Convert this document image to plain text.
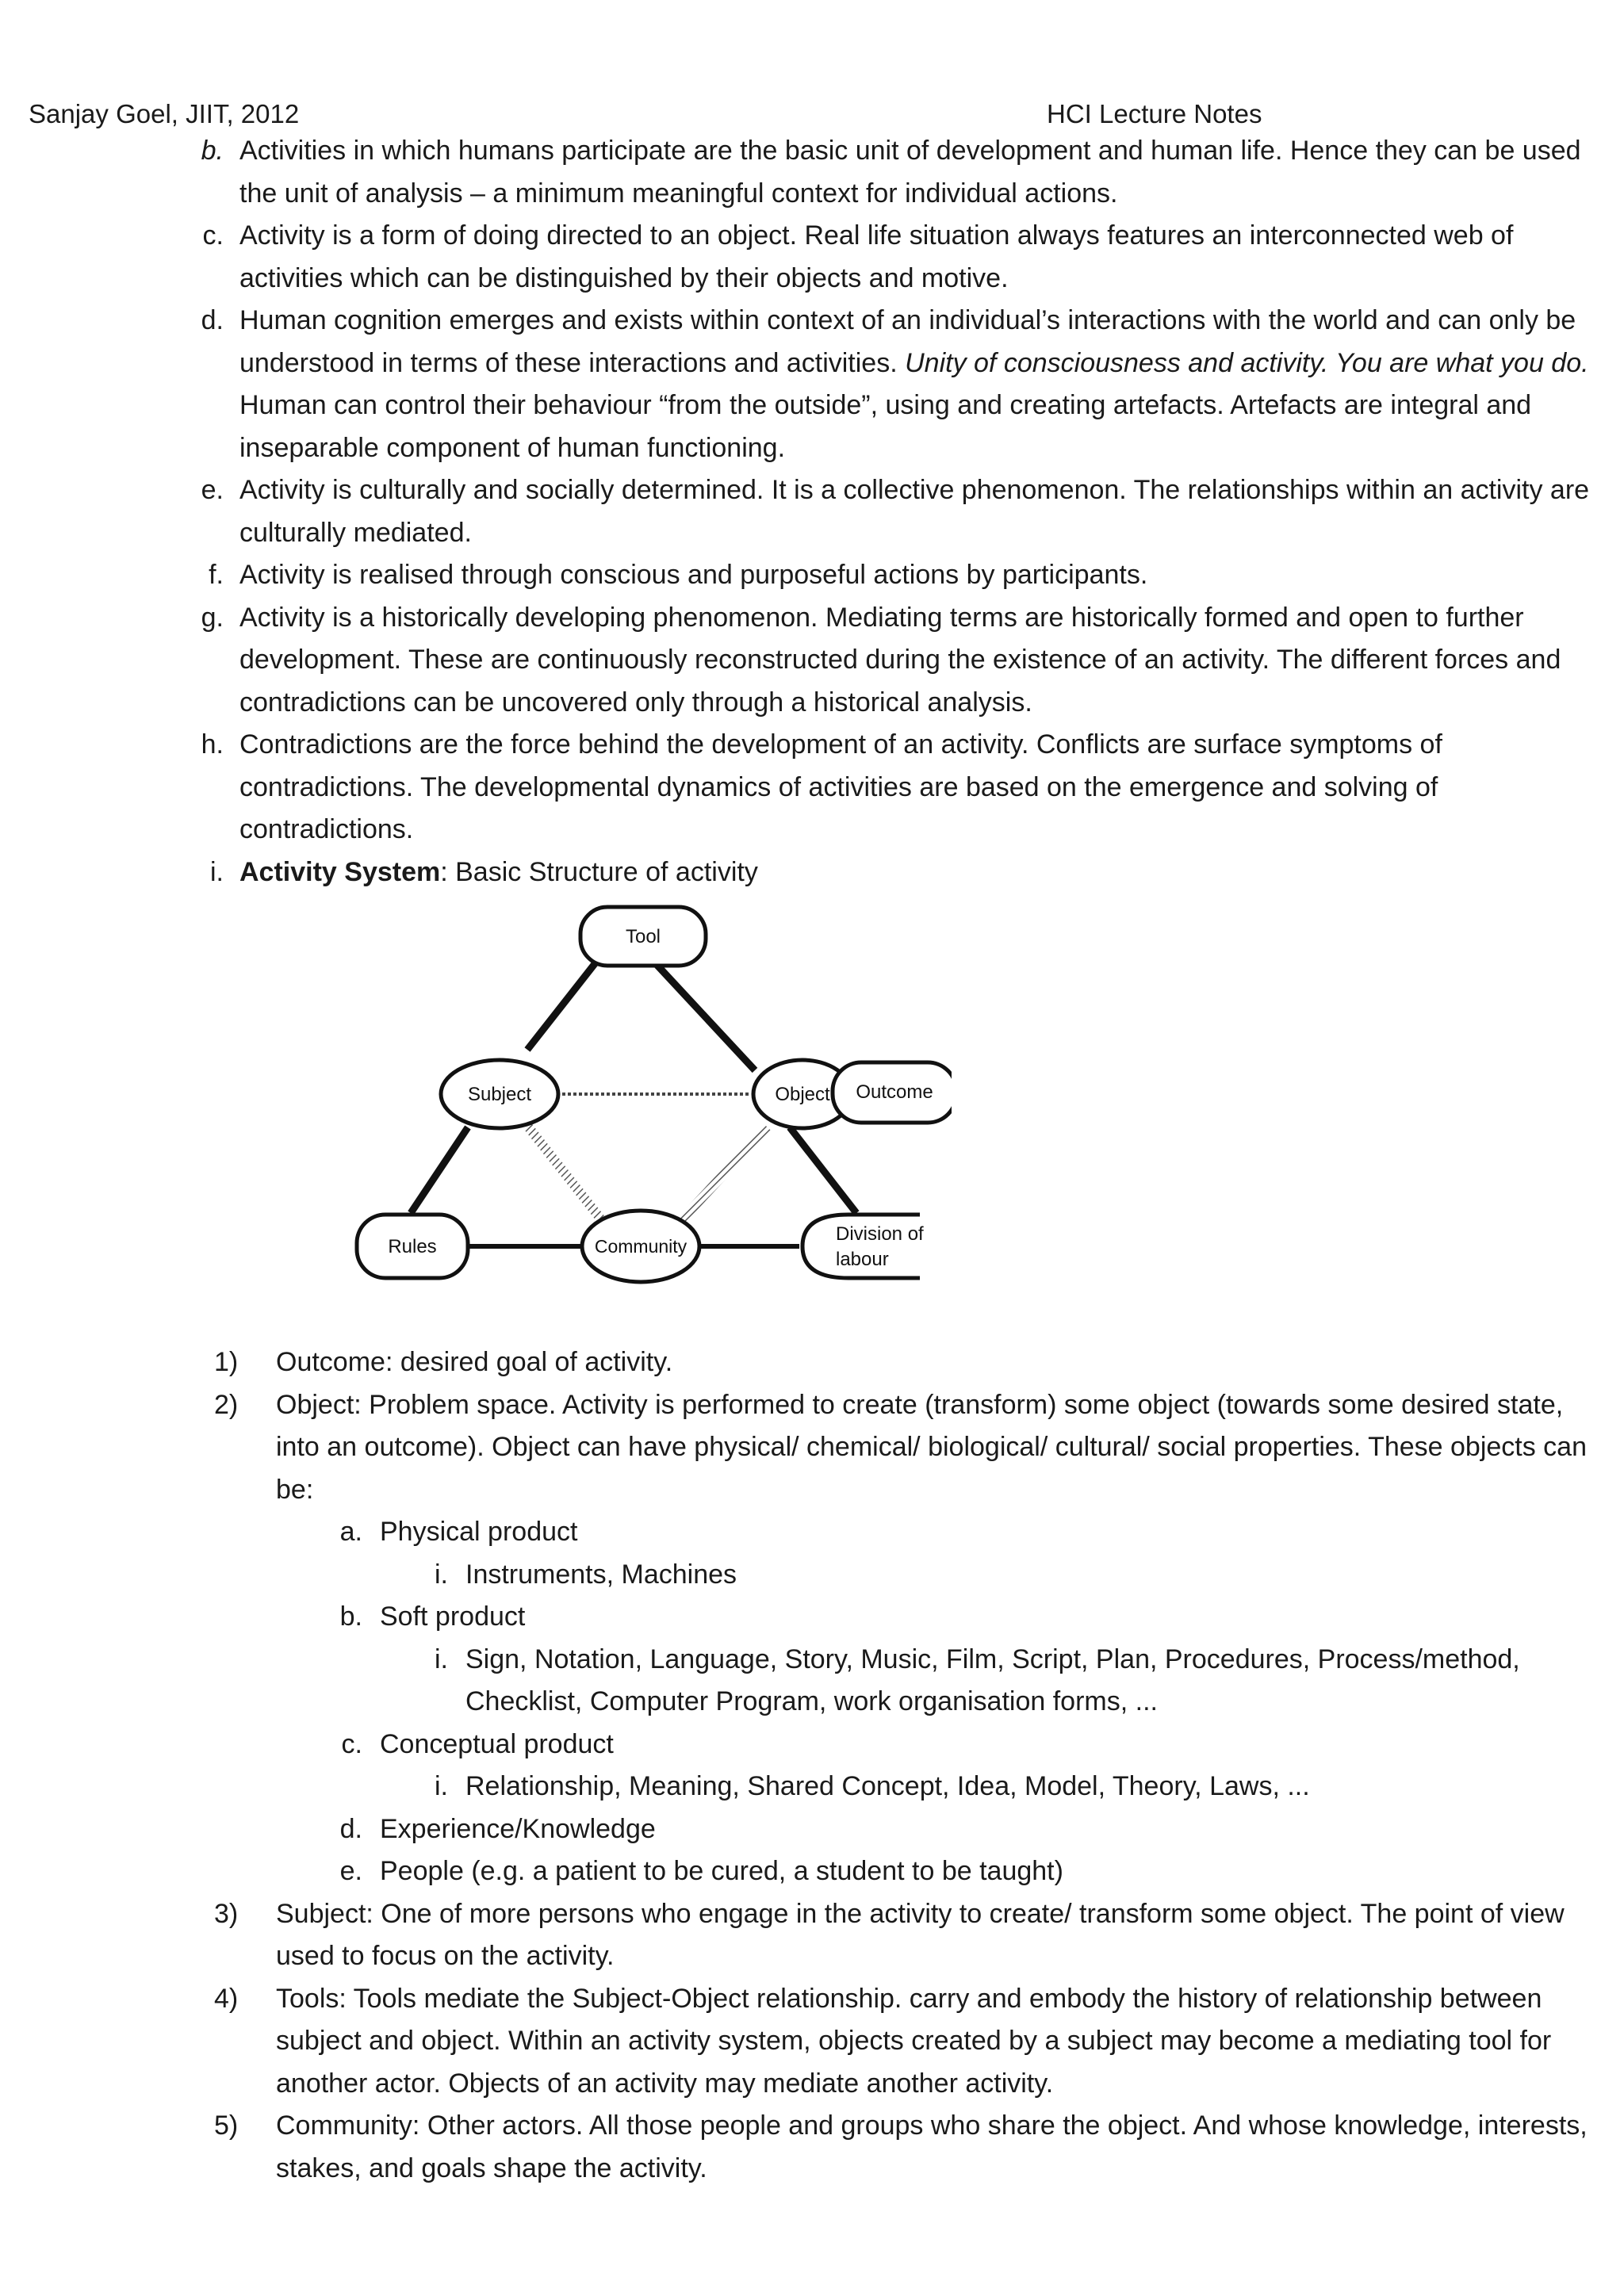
Sanjay Goel, JIIT, 2012	HCI Lecture Notes
b. Activities in which humans participate are the basic unit of development and human life. Hence they can be used the unit of analysis – a minimum meaningful context for individual actions.
c. Activity is a form of doing directed to an object. Real life situation always features an interconnected web of activities which can be distinguished by their objects and motive.
d. Human cognition emerges and exists within context of an individual’s interactions with the world and can only be understood in terms of these interactions and activities. Unity of consciousness and activity. You are what you do. Human can control their behaviour “from the outside”, using and creating artefacts. Artefacts are integral and inseparable component of human functioning.
e. Activity is culturally and socially determined. It is a collective phenomenon. The relationships within an activity are culturally mediated.
f. Activity is realised through conscious and purposeful actions by participants.
g. Activity is a historically developing phenomenon. Mediating terms are historically formed and open to further development. These are continuously reconstructed during the existence of an activity. The different forces and contradictions can be uncovered only through a historical analysis.
h. Contradictions are the force behind the development of an activity. Conflicts are surface symptoms of contradictions. The developmental dynamics of activities are based on the emergence and solving of contradictions.
i. Activity System: Basic Structure of activity
Tool
Subject	Object Outcome
Rules	Community
Division of
labour
1)	Outcome: desired goal of activity.
2)	Object: Problem space. Activity is performed to create (transform) some object (towards some desired state, into an outcome). Object can have physical/ chemical/ biological/ cultural/ social properties. These objects can be:
a. Physical product
i. Instruments, Machines
b. Soft product
i. Sign, Notation, Language, Story, Music, Film, Script, Plan, Procedures, Process/method, Checklist, Computer Program, work organisation forms, ...
c. Conceptual product
i. Relationship, Meaning, Shared Concept, Idea, Model, Theory, Laws, ...
d. Experience/Knowledge
e. People (e.g. a patient to be cured, a student to be taught)
3)	Subject: One of more persons who engage in the activity to create/ transform some object. The point of view used to focus on the activity.
4)	Tools: Tools mediate the Subject-Object relationship. carry and embody the history of relationship between subject and object. Within an activity system, objects created by a subject may become a mediating tool for another actor. Objects of an activity may mediate another activity.
5)	Community: Other actors. All those people and groups who share the object. And whose knowledge, interests, stakes, and goals shape the activity.
